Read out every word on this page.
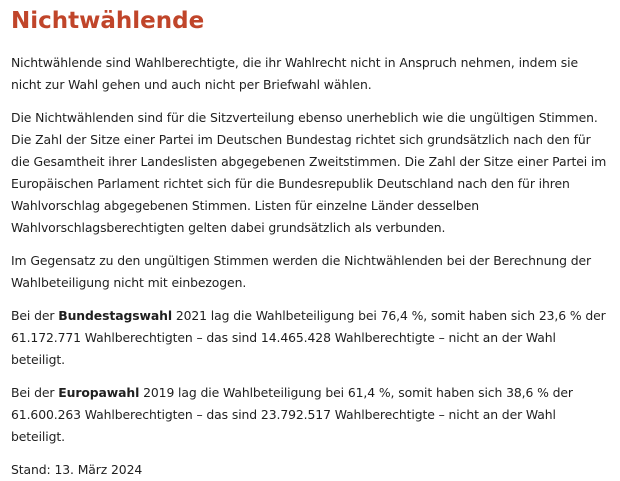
Nichtwählende

Nichtwählende sind Wahlberechtigte, die ihr Wahlrecht nicht in Anspruch nehmen, indem sie nicht zur Wahl gehen und auch nicht per Briefwahl wählen.

Die Nichtwählenden sind für die Sitzverteilung ebenso unerheblich wie die ungültigen Stimmen. Die Zahl der Sitze einer Partei im Deutschen Bundestag richtet sich grundsätzlich nach den für die Gesamtheit ihrer Landeslisten abgegebenen Zweitstimmen. Die Zahl der Sitze einer Partei im Europäischen Parlament richtet sich für die Bundesrepublik Deutschland nach den für ihren Wahlvorschlag abgegebenen Stimmen. Listen für einzelne Länder desselben Wahlvorschlagsberechtigten gelten dabei grundsätzlich als verbunden.

Im Gegensatz zu den ungültigen Stimmen werden die Nichtwählenden bei der Berechnung der Wahlbeteiligung nicht mit einbezogen.

Bei der Bundestagswahl 2021 lag die Wahlbeteiligung bei 76,4 %, somit haben sich 23,6 % der 61.172.771 Wahlberechtigten – das sind 14.465.428 Wahlberechtigte – nicht an der Wahl beteiligt.

Bei der Europawahl 2019 lag die Wahlbeteiligung bei 61,4 %, somit haben sich 38,6 % der 61.600.263 Wahlberechtigten – das sind 23.792.517 Wahlberechtigte – nicht an der Wahl beteiligt.

Stand: 13. März 2024
